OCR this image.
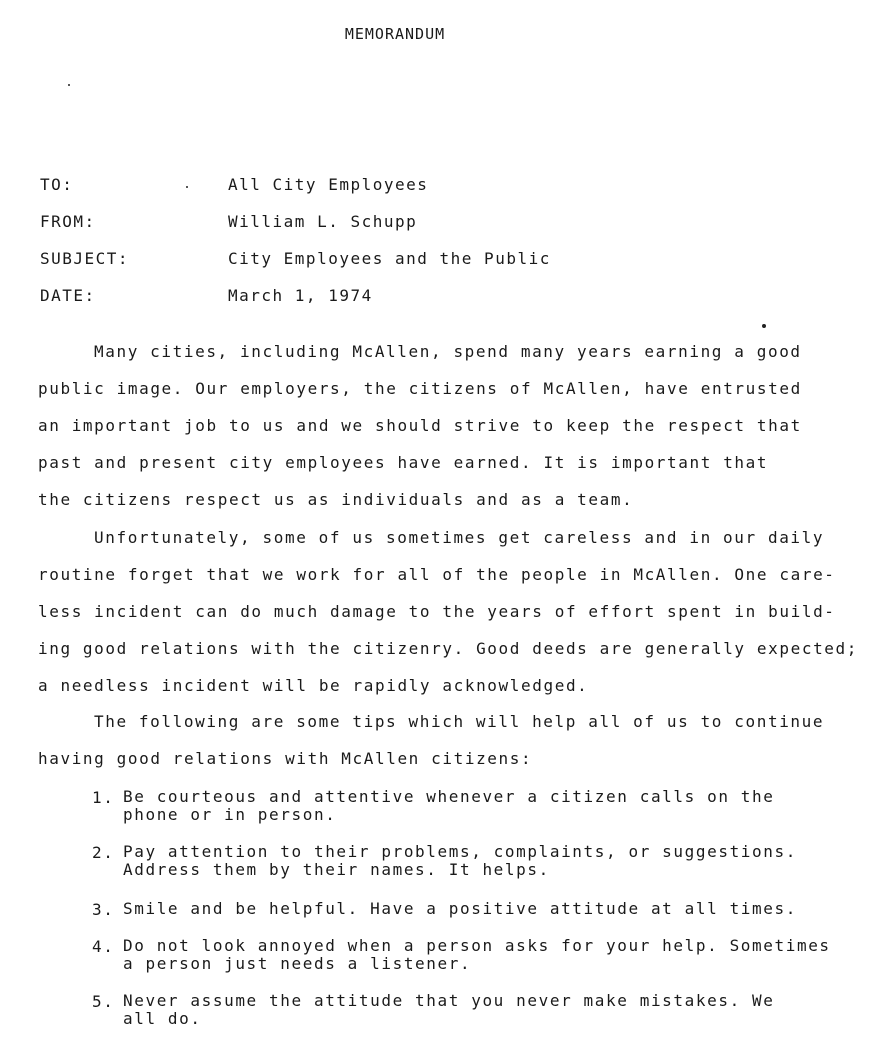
MEMORANDUM
TO:	All City Employees
FROM:	William L. Schupp
SUBJECT:	City Employees and the Public
DATE:	March 1, 1974
Many cities, including McAllen, spend many years earning a good
public image. Our employers, the citizens of McAllen, have entrusted
an important job to us and we should strive to keep the respect that
past and present city employees have earned. It is important that
the citizens respect us as individuals and as a team.
Unfortunately, some of us sometimes get careless and in our daily
routine forget that we work for all of the people in McAllen. One care-
less incident can do much damage to the years of effort spent in build-
ing good relations with the citizenry. Good deeds are generally expected;
a needless incident will be rapidly acknowledged.
The following are some tips which will help all of us to continue
having good relations with McAllen citizens:
1. Be courteous and attentive whenever a citizen calls on the
phone or in person.
2. Pay attention to their problems, complaints, or suggestions.
Address them by their names. It helps.
3. Smile and be helpful. Have a positive attitude at all times.
4. Do not look annoyed when a person asks for your help. Sometimes
a person just needs a listener.
5. Never assume the attitude that you never make mistakes. We
all do.
